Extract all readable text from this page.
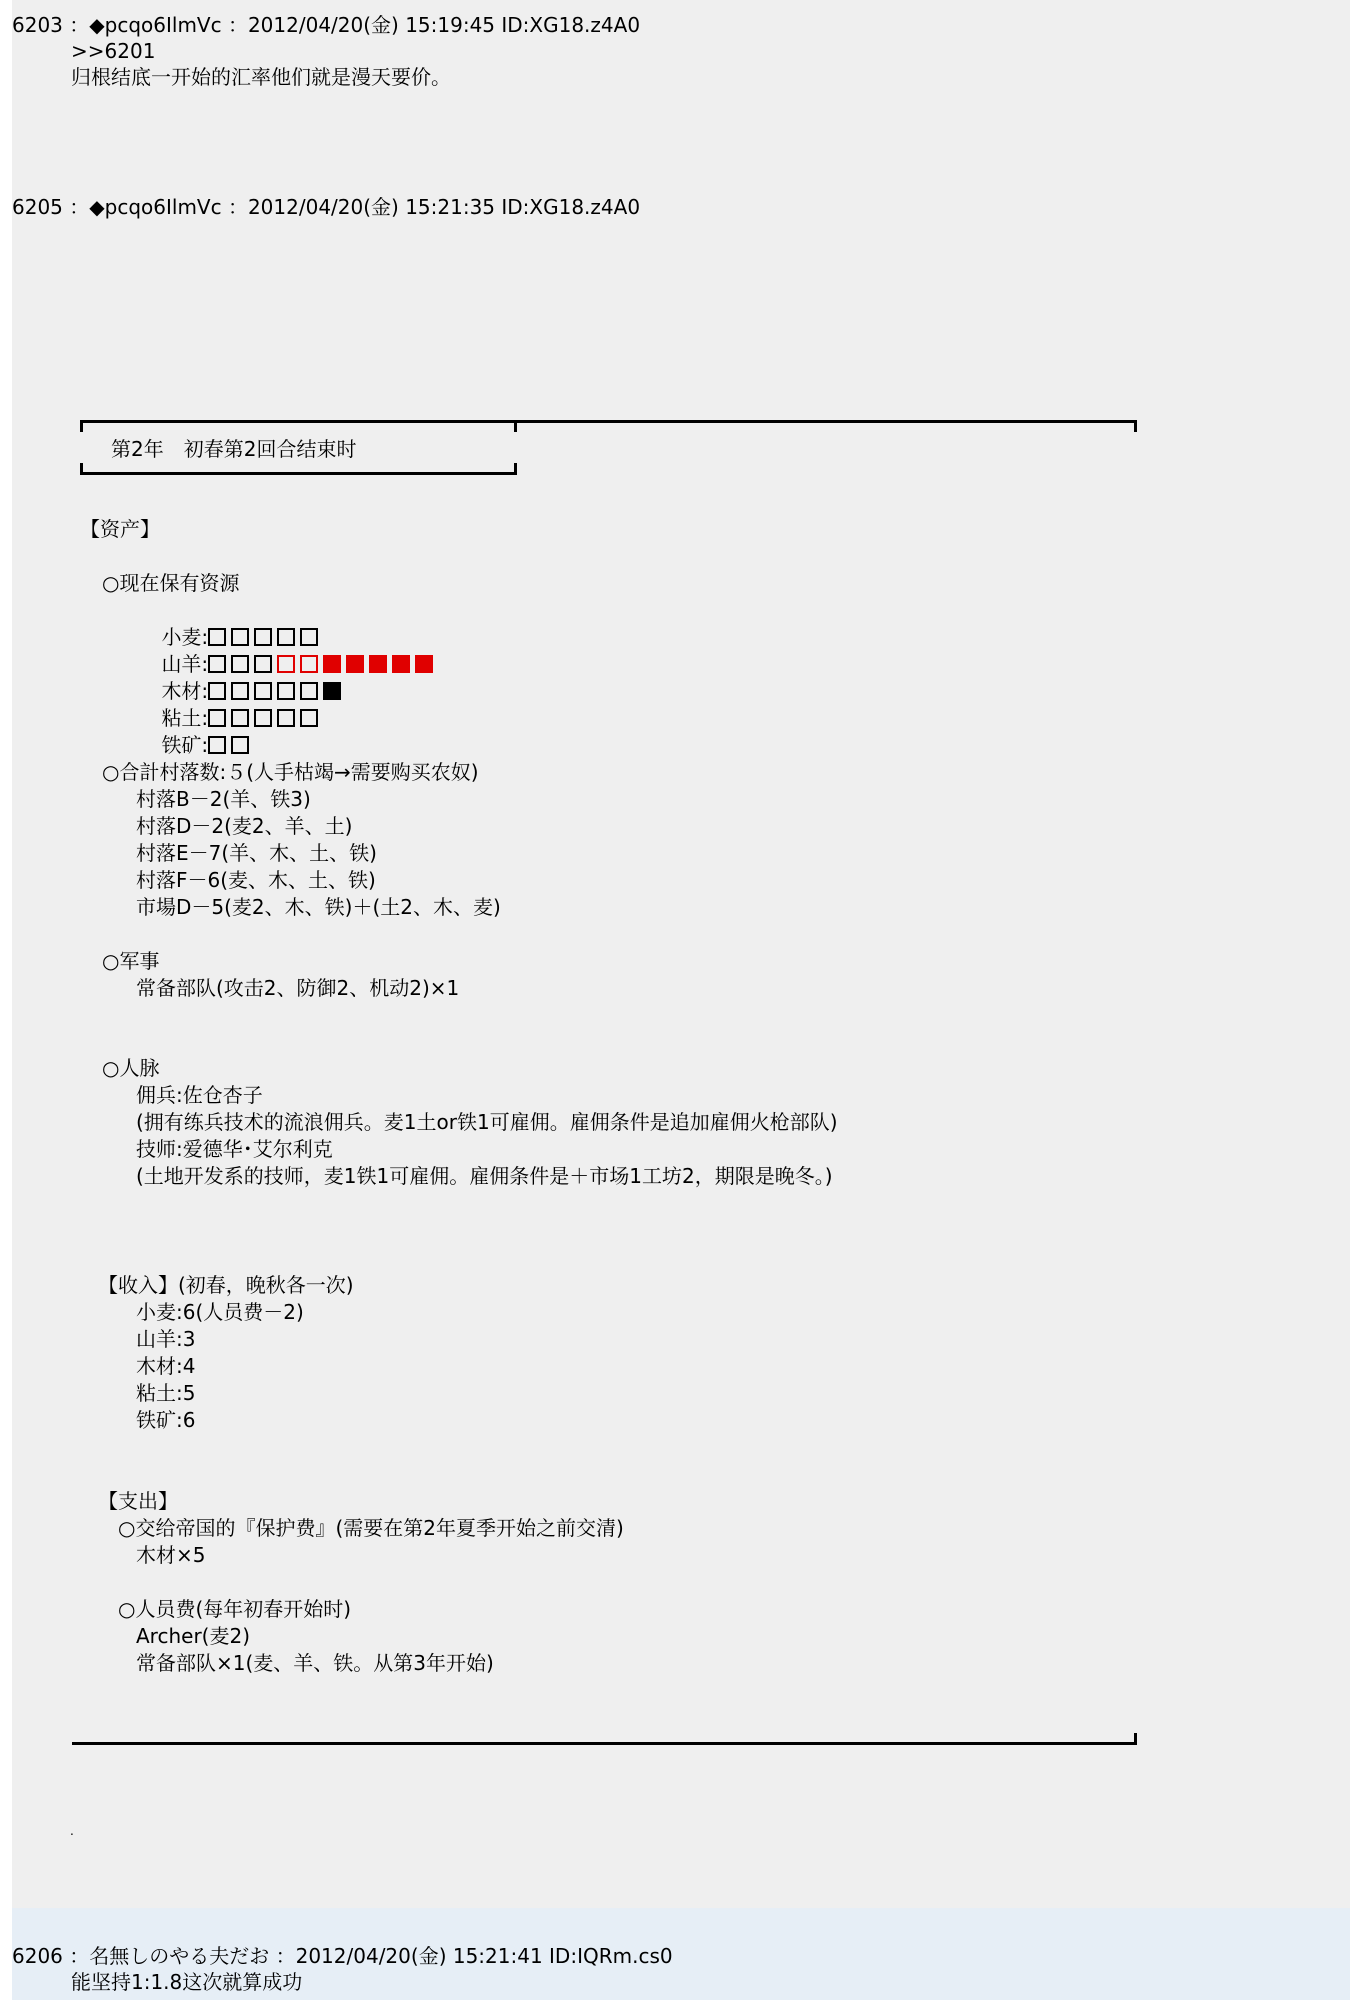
6203 ：◆pcqo6IlmVc ：2012/04/20(金) 15:19:45 ID:XG18.z4A0
>>6201
归根结底一开始的汇率他们就是漫天要价。
6205 ：◆pcqo6IlmVc ：2012/04/20(金) 15:21:35 ID:XG18.z4A0
第2年　初春第2回合结束时
【资产】
○现在保有资源

小麦:

山羊:

木材:

粘土:

铁矿:

○合計村落数:５(人手枯竭→需要购买农奴)
村落B－2(羊、铁3)
村落D－2(麦2、羊、土)
村落E－7(羊、木、土、铁)
村落F－6(麦、木、土、铁)
市場D－5(麦2、木、铁)＋(土2、木、麦)
○军事
常备部队(攻击2、防御2、机动2)×1
○人脉
佣兵:佐仓杏子
(拥有练兵技术的流浪佣兵。麦1土or铁1可雇佣。雇佣条件是追加雇佣火枪部队)
技师:爱德华･艾尔利克
(土地开发系的技师，麦1铁1可雇佣。雇佣条件是＋市场1工坊2，期限是晚冬。)
【收入】(初春，晚秋各一次)
小麦:6(人员费－2)
山羊:3
木材:4
粘土:5
铁矿:6
【支出】
○交给帝国的『保护费』(需要在第2年夏季开始之前交清)
木材×5
○人员费(每年初春开始时)
Archer(麦2)
常备部队×1(麦、羊、铁。从第3年开始)
.
6206 ：名無しのやる夫だお ：2012/04/20(金) 15:21:41 ID:IQRm.cs0
能坚持1:1.8这次就算成功
